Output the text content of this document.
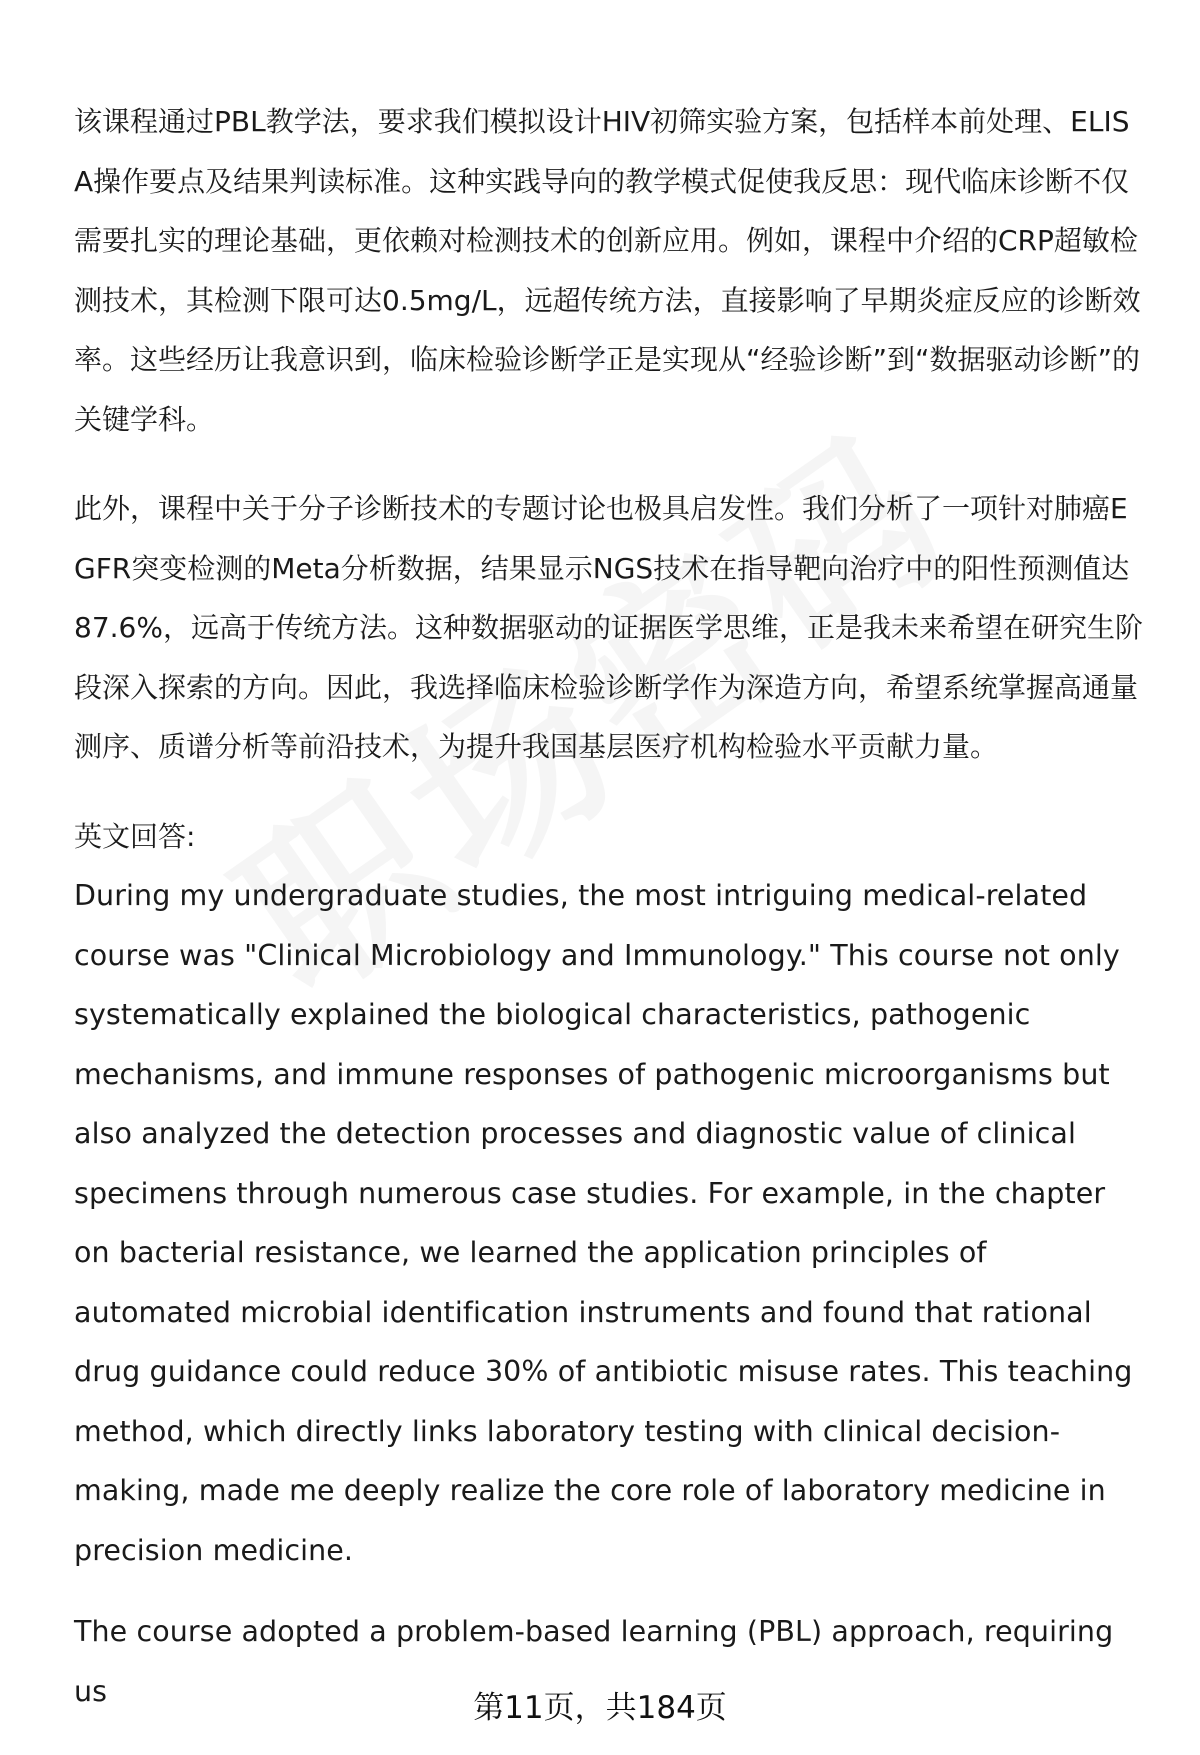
该课程通过PBL教学法，要求我们模拟设计HIV初筛实验方案，包括样本前处理、ELISA操作要点及结果判读标准。这种实践导向的教学模式促使我反思：现代临床诊断不仅需要扎实的理论基础，更依赖对检测技术的创新应用。例如，课程中介绍的CRP超敏检测技术，其检测下限可达0.5mg/L，远超传统方法，直接影响了早期炎症反应的诊断效率。这些经历让我意识到，临床检验诊断学正是实现从“经验诊断”到“数据驱动诊断”的关键学科。

此外，课程中关于分子诊断技术的专题讨论也极具启发性。我们分析了一项针对肺癌EGFR突变检测的Meta分析数据，结果显示NGS技术在指导靶向治疗中的阳性预测值达87.6%，远高于传统方法。这种数据驱动的证据医学思维，正是我未来希望在研究生阶段深入探索的方向。因此，我选择临床检验诊断学作为深造方向，希望系统掌握高通量测序、质谱分析等前沿技术，为提升我国基层医疗机构检验水平贡献力量。

英文回答:

During my undergraduate studies, the most intriguing medical-related course was "Clinical Microbiology and Immunology." This course not only systematically explained the biological characteristics, pathogenic mechanisms, and immune responses of pathogenic microorganisms but also analyzed the detection processes and diagnostic value of clinical specimens through numerous case studies. For example, in the chapter on bacterial resistance, we learned the application principles of automated microbial identification instruments and found that rational drug guidance could reduce 30% of antibiotic misuse rates. This teaching method, which directly links laboratory testing with clinical decision-making, made me deeply realize the core role of laboratory medicine in precision medicine.

The course adopted a problem-based learning (PBL) approach, requiring us	第11页，共184页
